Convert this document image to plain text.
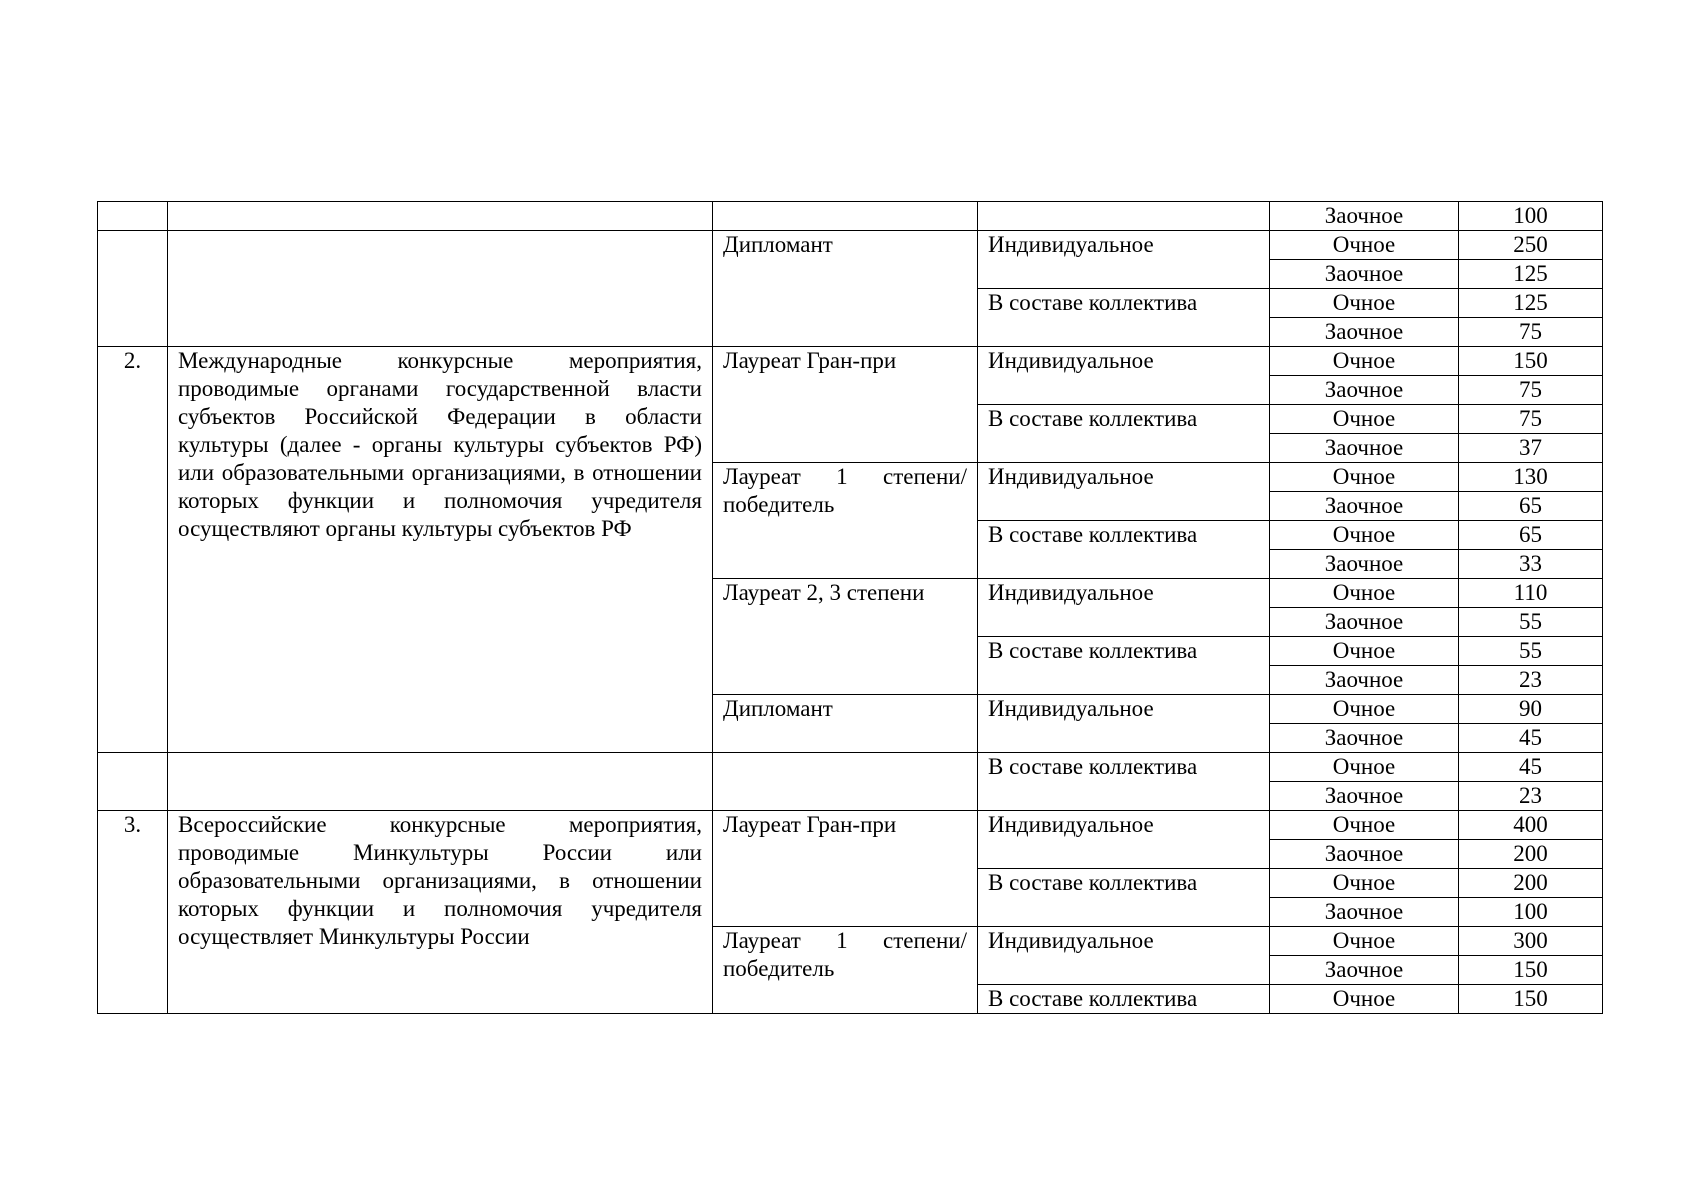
				Заочное	100
		Дипломант	Индивидуальное	Очное	250
				Заочное	125
			В составе коллектива	Очное	125
				Заочное	75
2.	Международные конкурсные мероприятия, проводимые органами государственной власти субъектов Российской Федерации в области культуры (далее - органы культуры субъектов РФ) или образовательными организациями, в отношении которых функции и полномочия учредителя осуществляют органы культуры субъектов РФ	Лауреат Гран-при	Индивидуальное	Очное	150
				Заочное	75
			В составе коллектива	Очное	75
				Заочное	37
		Лауреат 1 степени/ победитель	Индивидуальное	Очное	130
				Заочное	65
			В составе коллектива	Очное	65
				Заочное	33
		Лауреат 2, 3 степени	Индивидуальное	Очное	110
				Заочное	55
			В составе коллектива	Очное	55
				Заочное	23
		Дипломант	Индивидуальное	Очное	90
				Заочное	45
			В составе коллектива	Очное	45
				Заочное	23
3.	Всероссийские конкурсные мероприятия, проводимые Минкультуры России или образовательными организациями, в отношении которых функции и полномочия учредителя осуществляет Минкультуры России	Лауреат Гран-при	Индивидуальное	Очное	400
				Заочное	200
			В составе коллектива	Очное	200
				Заочное	100
		Лауреат 1 степени/ победитель	Индивидуальное	Очное	300
				Заочное	150
			В составе коллектива	Очное	150
